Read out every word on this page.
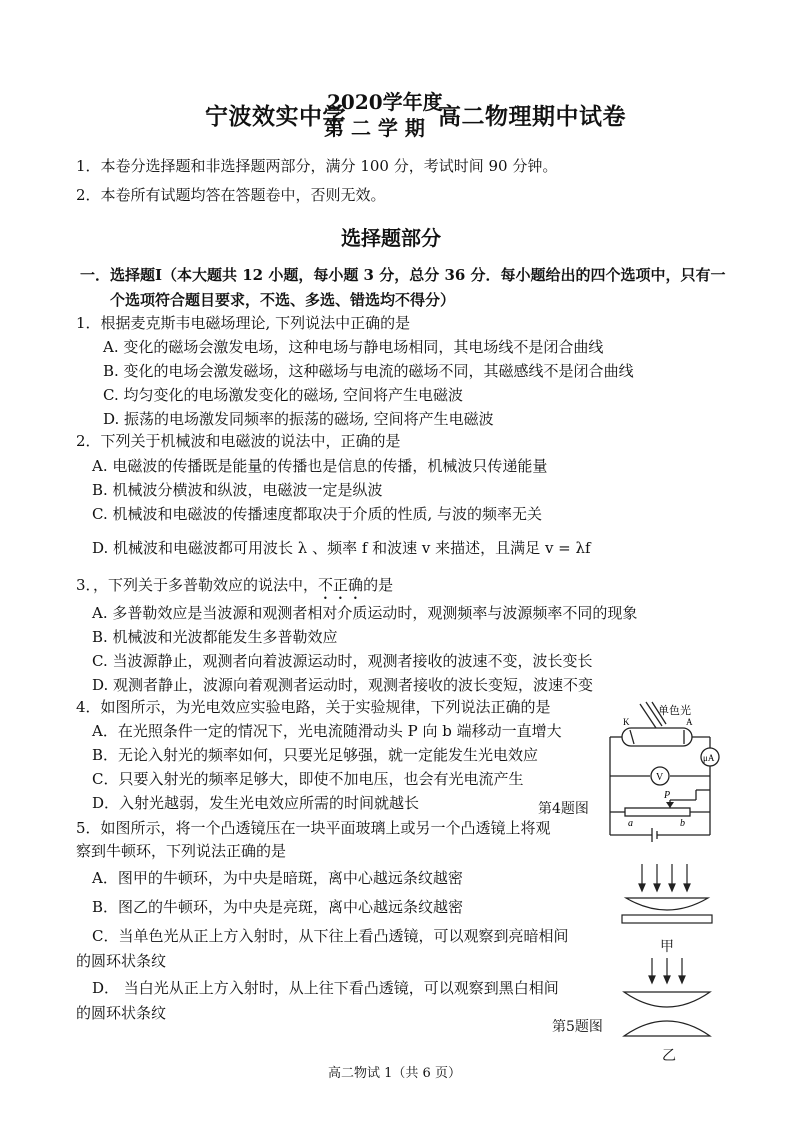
宁波效实中学
2020学年度
第 二 学 期 高二物理期中试卷
1．本卷分选择题和非选择题两部分，满分 100 分，考试时间 90 分钟。
2．本卷所有试题均答在答题卷中，否则无效。
选择题部分
一．选择题Ⅰ（本大题共 12 小题，每小题 3 分，总分 36 分．每小题给出的四个选项中，只有一
个选项符合题目要求，不选、多选、错选均不得分）
1．根据麦克斯韦电磁场理论, 下列说法中正确的是
A. 变化的磁场会激发电场，这种电场与静电场相同，其电场线不是闭合曲线
B. 变化的电场会激发磁场，这种磁场与电流的磁场不同，其磁感线不是闭合曲线
C. 均匀变化的电场激发变化的磁场, 空间将产生电磁波
D. 振荡的电场激发同频率的振荡的磁场, 空间将产生电磁波
2．下列关于机械波和电磁波的说法中，正确的是
A. 电磁波的传播既是能量的传播也是信息的传播，机械波只传递能量
B. 机械波分横波和纵波，电磁波一定是纵波
C. 机械波和电磁波的传播速度都取决于介质的性质, 与波的频率无关
D. 机械波和电磁波都可用波长 λ 、频率 f 和波速 v 来描述，且满足 v = λf
3．，下列关于多普勒效应的说法中，不正确的是
A. 多普勒效应是当波源和观测者相对介质运动时，观测频率与波源频率不同的现象
B. 机械波和光波都能发生多普勒效应
C. 当波源静止，观测者向着波源运动时，观测者接收的波速不变，波长变长
D. 观测者静止，波源向着观测者运动时，观测者接收的波长变短，波速不变
4．如图所示，为光电效应实验电路，关于实验规律，下列说法正确的是
A．在光照条件一定的情况下，光电流随滑动头 P 向 b 端移动一直增大
B．无论入射光的频率如何，只要光足够强，就一定能发生光电效应
C．只要入射光的频率足够大，即使不加电压，也会有光电流产生
D．入射光越弱，发生光电效应所需的时间就越长
单色光
μA
V
P
a	b
K	A
第4题图
5．如图所示，将一个凸透镜压在一块平面玻璃上或另一个凸透镜上将观
察到牛顿环，下列说法正确的是
A．图甲的牛顿环，为中央是暗斑，离中心越远条纹越密
B．图乙的牛顿环，为中央是亮斑，离中心越远条纹越密
C．当单色光从正上方入射时，从下往上看凸透镜，可以观察到亮暗相间
的圆环状条纹
D． 当白光从正上方入射时，从上往下看凸透镜，可以观察到黑白相间
的圆环状条纹
甲
第5题图
乙
高二物试 1（共 6 页）
